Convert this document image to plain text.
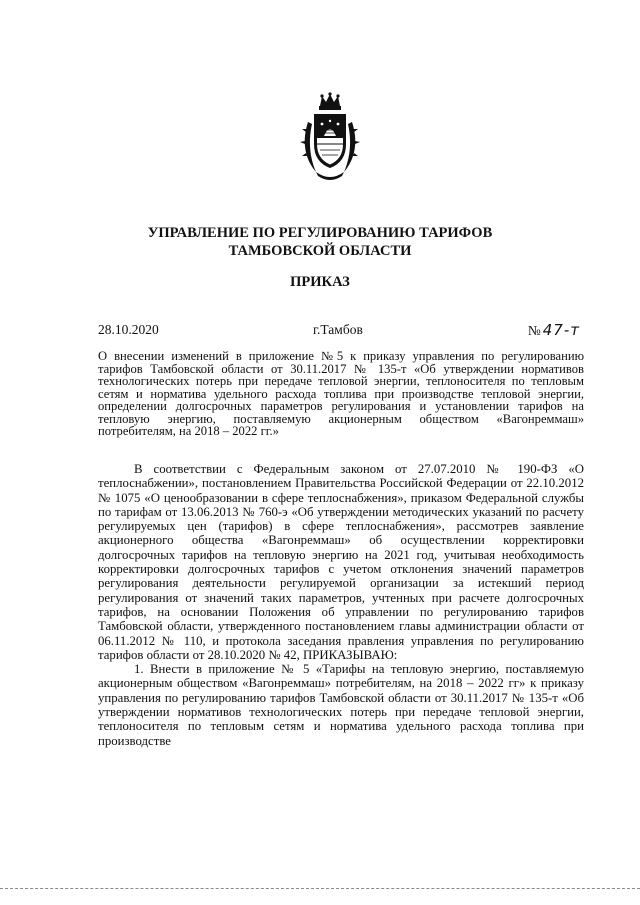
УПРАВЛЕНИЕ ПО РЕГУЛИРОВАНИЮ ТАРИФОВ
ТАМБОВСКОЙ ОБЛАСТИ
ПРИКАЗ
28.10.2020	г.Тамбов	№ 47-т
О внесении изменений в приложение №5 к приказу управления по регулированию тарифов Тамбовской области от 30.11.2017 № 135-т «Об утверждении нормативов технологических потерь при передаче тепловой энергии, теплоносителя по тепловым сетям и норматива удельного расхода топлива при производстве тепловой энергии, определении долгосрочных параметров регулирования и установлении тарифов на тепловую энергию, поставляемую акционерным обществом «Вагонреммаш» потребителям, на 2018 – 2022 гг.»

В соответствии с Федеральным законом от 27.07.2010 № 190-ФЗ «О теплоснабжении», постановлением Правительства Российской Федерации от 22.10.2012 № 1075 «О ценообразовании в сфере теплоснабжения», приказом Федеральной службы по тарифам от 13.06.2013 № 760-э «Об утверждении методических указаний по расчету регулируемых цен (тарифов) в сфере теплоснабжения», рассмотрев заявление акционерного общества «Вагонреммаш» об осуществлении корректировки долгосрочных тарифов на тепловую энергию на 2021 год, учитывая необходимость корректировки долгосрочных тарифов с учетом отклонения значений параметров регулирования деятельности регулируемой организации за истекший период регулирования от значений таких параметров, учтенных при расчете долгосрочных тарифов, на основании Положения об управлении по регулированию тарифов Тамбовской области, утвержденного постановлением главы администрации области от 06.11.2012 № 110, и протокола заседания правления управления по регулированию тарифов области от 28.10.2020 № 42, ПРИКАЗЫВАЮ:

1. Внести в приложение № 5 «Тарифы на тепловую энергию, поставляемую акционерным обществом «Вагонреммаш» потребителям, на 2018 – 2022 гг» к приказу управления по регулированию тарифов Тамбовской области от 30.11.2017 № 135-т «Об утверждении нормативов технологических потерь при передаче тепловой энергии, теплоносителя по тепловым сетям и норматива удельного расхода топлива при производстве
